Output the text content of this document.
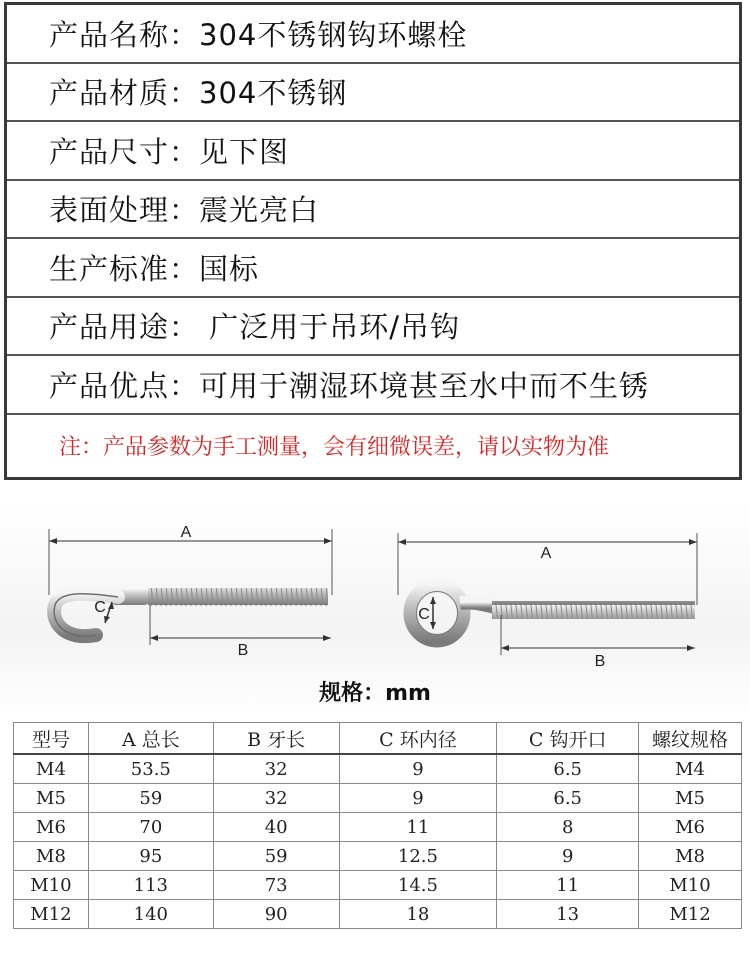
产品名称： 304不锈钢钩环螺栓
产品材质： 304不锈钢
产品尺寸： 见下图
表面处理： 震光亮白
生产标准： 国标
产品用途： 广泛用于吊环/吊钩
产品优点： 可用于潮湿环境甚至水中而不生锈
注：产品参数为手工测量，会有细微误差，请以实物为准
A
C
B
A
C
B
规格：mm
型号	A 总长	B 牙长	C 环内径	C 钩开口	螺纹规格
M4	53.5	32	9	6.5	M4
M5	59	32	9	6.5	M5
M6	70	40	11	8	M6
M8	95	59	12.5	9	M8
M10	113	73	14.5	11	M10
M12	140	90	18	13	M12
